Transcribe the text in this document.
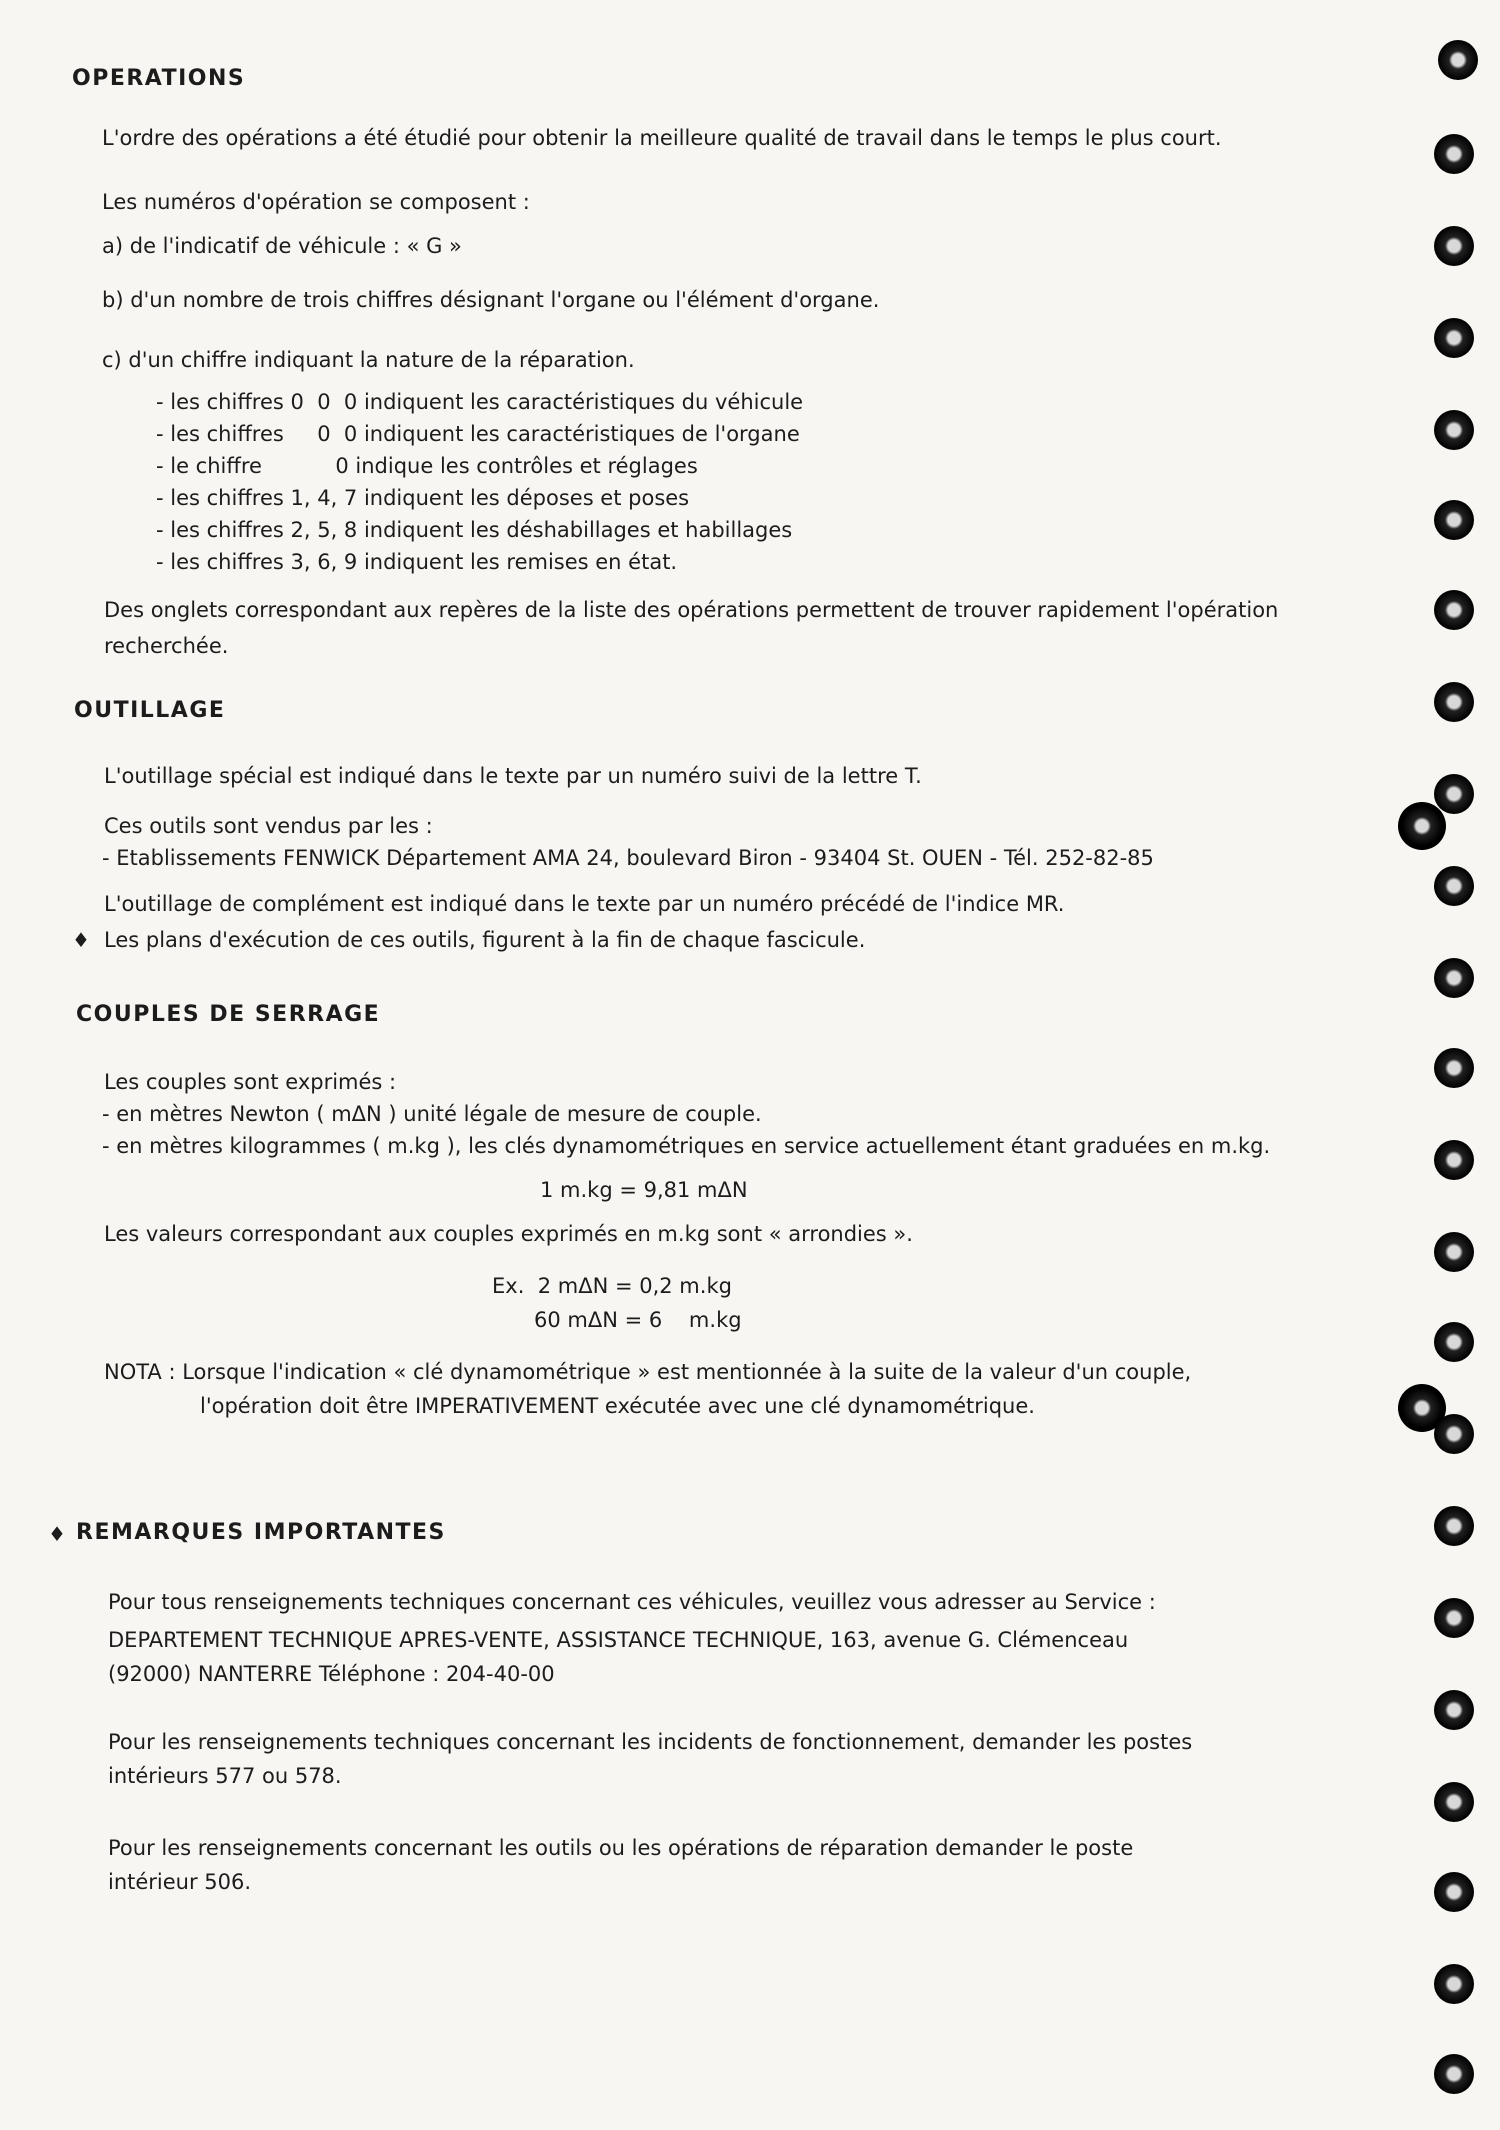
OPERATIONS

L'ordre des opérations a été étudié pour obtenir la meilleure qualité de travail dans le temps le plus court.

Les numéros d'opération se composent :

a) de l'indicatif de véhicule : « G »

b) d'un nombre de trois chiffres désignant l'organe ou l'élément d'organe.

c) d'un chiffre indiquant la nature de la réparation.

- les chiffres 0  0  0 indiquent les caractéristiques du véhicule

- les chiffres     0  0 indiquent les caractéristiques de l'organe

- le chiffre           0 indique les contrôles et réglages

- les chiffres 1, 4, 7 indiquent les déposes et poses

- les chiffres 2, 5, 8 indiquent les déshabillages et habillages

- les chiffres 3, 6, 9 indiquent les remises en état.

Des onglets correspondant aux repères de la liste des opérations permettent de trouver rapidement l'opération

recherchée.

OUTILLAGE

L'outillage spécial est indiqué dans le texte par un numéro suivi de la lettre T.

Ces outils sont vendus par les :

- Etablissements FENWICK Département AMA 24, boulevard Biron - 93404 St. OUEN - Tél. 252-82-85

L'outillage de complément est indiqué dans le texte par un numéro précédé de l'indice MR.

♦ Les plans d'exécution de ces outils, figurent à la fin de chaque fascicule.

COUPLES DE SERRAGE

Les couples sont exprimés :

- en mètres Newton ( mΔN ) unité légale de mesure de couple.

- en mètres kilogrammes ( m.kg ), les clés dynamométriques en service actuellement étant graduées en m.kg.

1 m.kg = 9,81 mΔN

Les valeurs correspondant aux couples exprimés en m.kg sont « arrondies ».

Ex.  2 mΔN = 0,2 m.kg

60 mΔN = 6    m.kg

NOTA : Lorsque l'indication « clé dynamométrique » est mentionnée à la suite de la valeur d'un couple,

l'opération doit être IMPERATIVEMENT exécutée avec une clé dynamométrique.

♦ REMARQUES IMPORTANTES

Pour tous renseignements techniques concernant ces véhicules, veuillez vous adresser au Service :

DEPARTEMENT TECHNIQUE APRES-VENTE, ASSISTANCE TECHNIQUE, 163, avenue G. Clémenceau

(92000) NANTERRE Téléphone : 204-40-00

Pour les renseignements techniques concernant les incidents de fonctionnement, demander les postes

intérieurs 577 ou 578.

Pour les renseignements concernant les outils ou les opérations de réparation demander le poste

intérieur 506.
